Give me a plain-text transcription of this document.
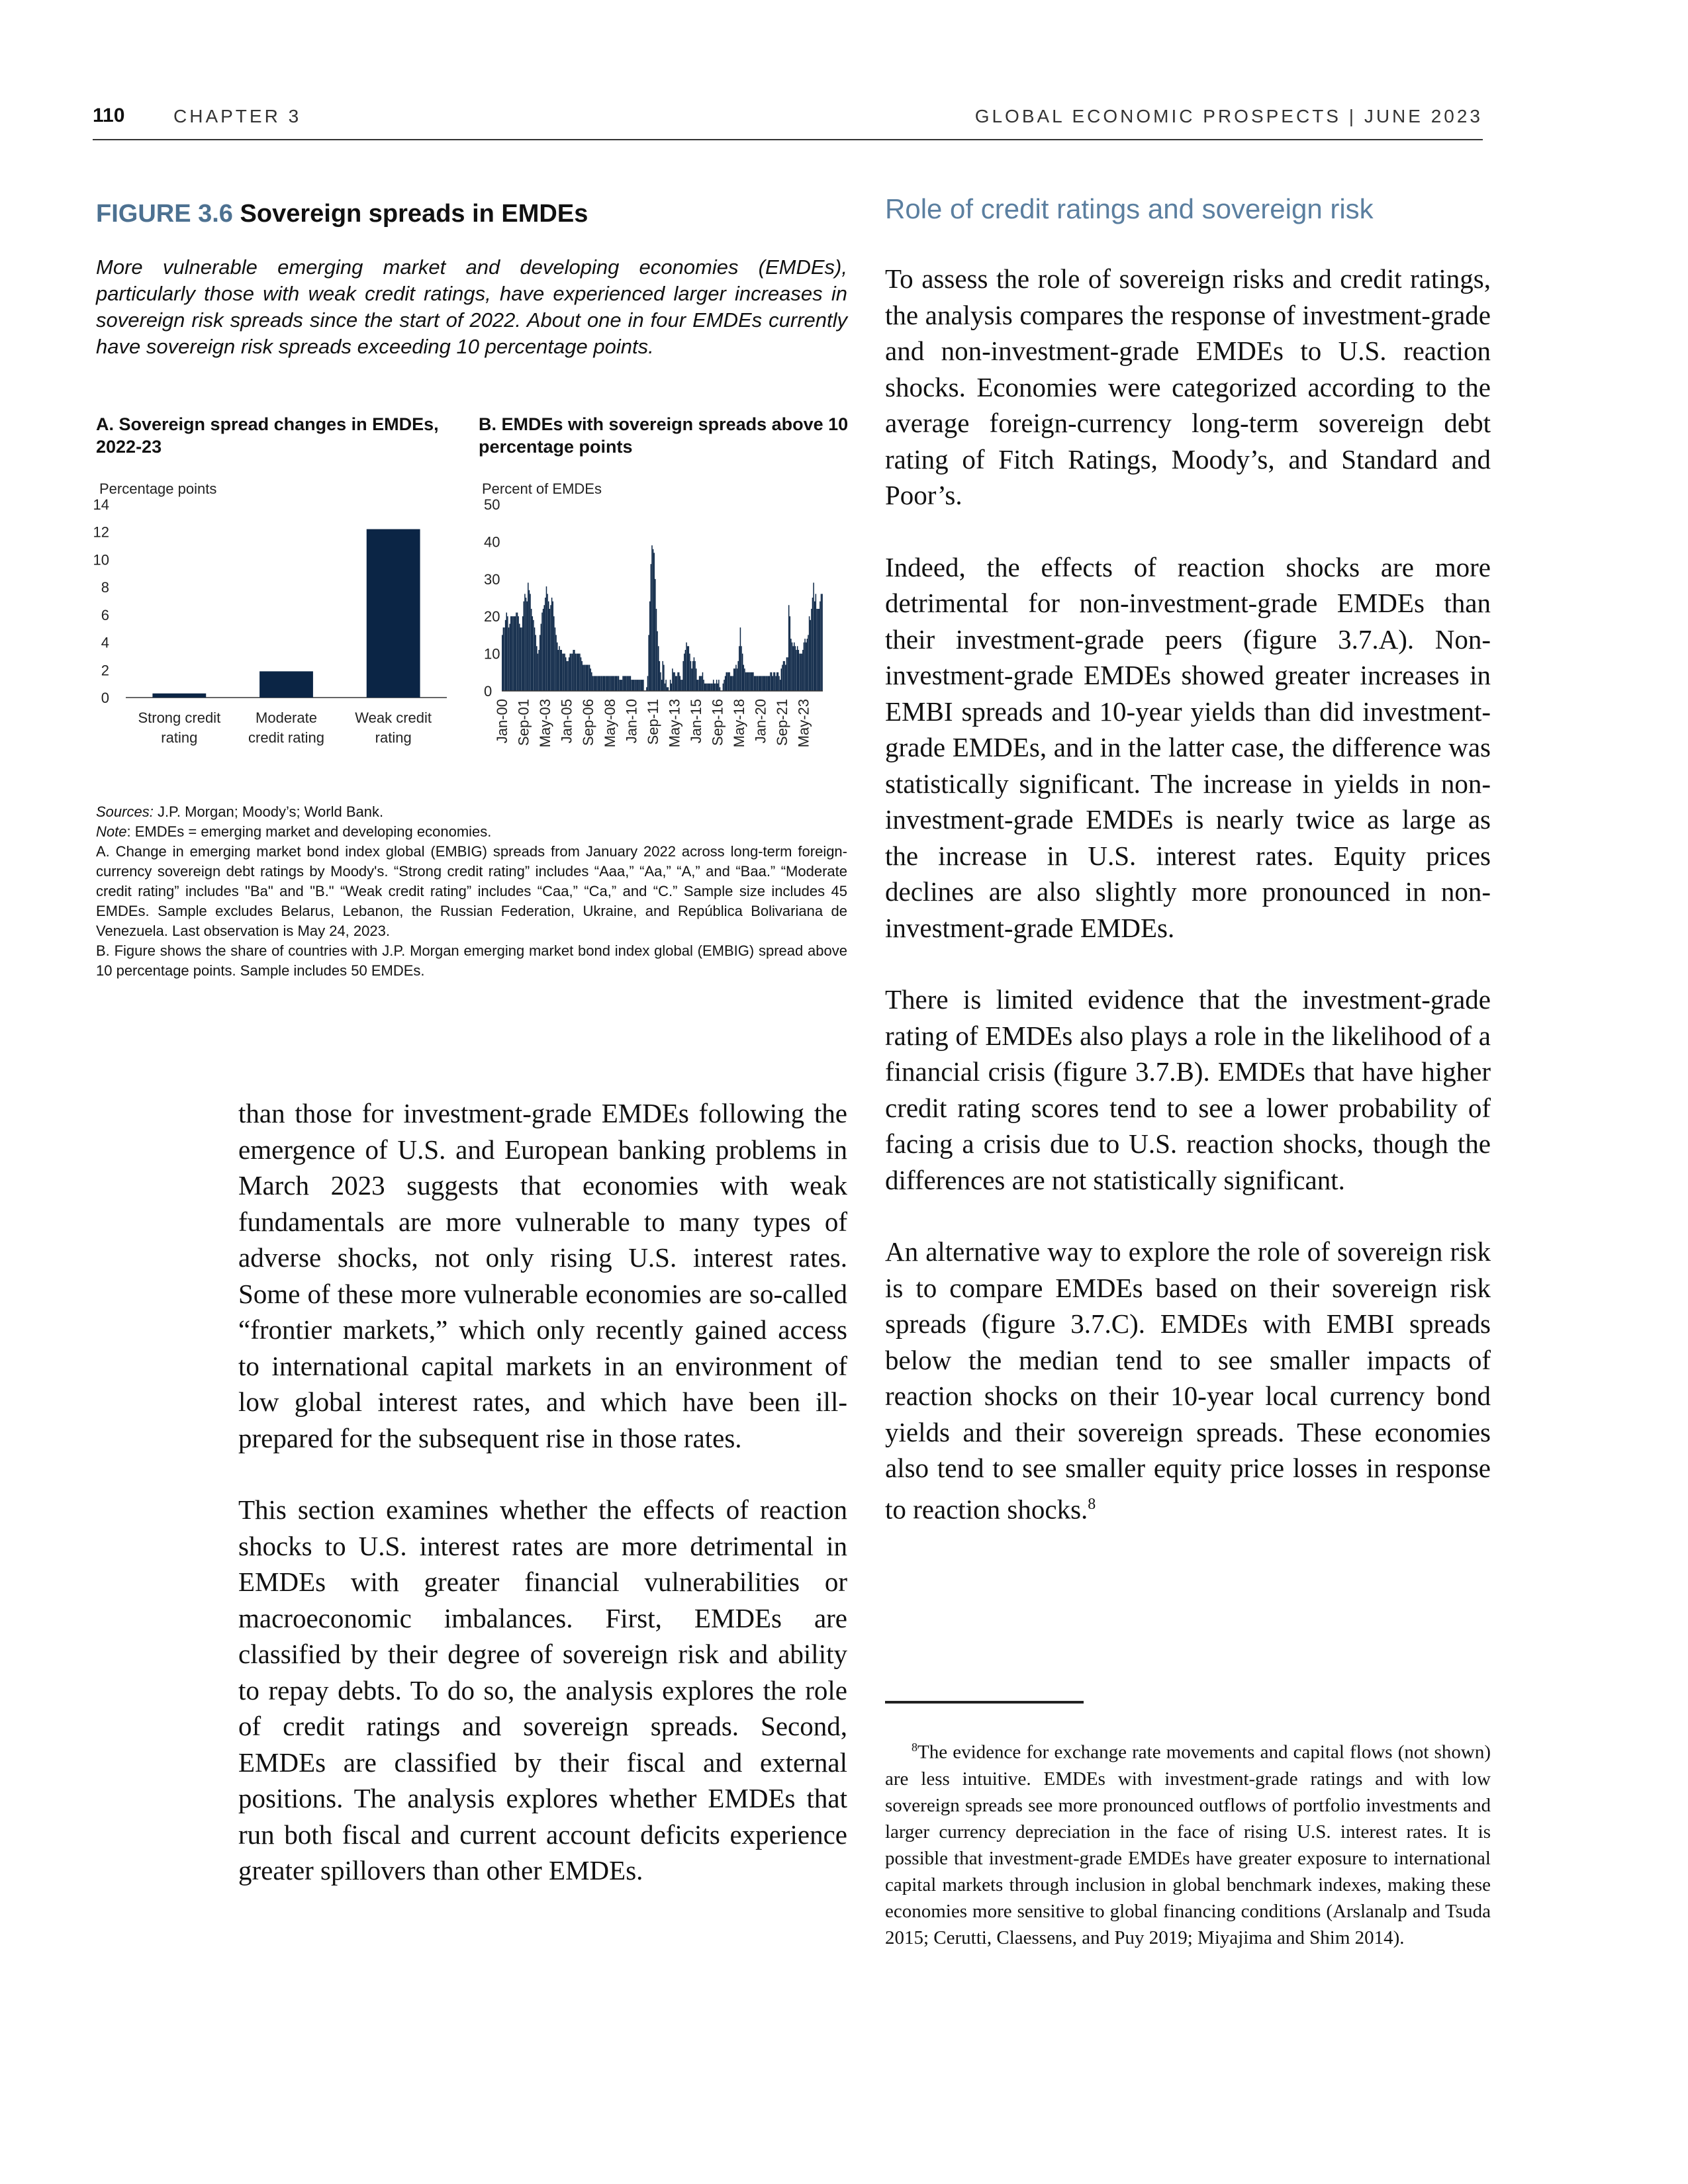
110	CHAPTER 3	GLOBAL ECONOMIC PROSPECTS | JUNE 2023
FIGURE 3.6 Sovereign spreads in EMDEs
More vulnerable emerging market and developing economies (EMDEs), particularly those with weak credit ratings, have experienced larger increases in sovereign risk spreads since the start of 2022. About one in four EMDEs currently have sovereign risk spreads exceeding 10 percentage points.
A. Sovereign spread changes in EMDEs, 2022-23
Percentage points
0
2
4
6
8
10
12
14
Strong credit
rating
Moderate
credit rating
Weak credit
rating
B. EMDEs with sovereign spreads above 10 percentage points
Percent of EMDEs
0
10
20
30
40
50
Jan-00 Sep-01 May-03 Jan-05 Sep-06 May-08 Jan-10 Sep-11 May-13 Jan-15 Sep-16 May-18 Jan-20 Sep-21 May-23

Sources: J.P. Morgan; Moody’s; World Bank.

Note: EMDEs = emerging market and developing economies.

A. Change in emerging market bond index global (EMBIG) spreads from January 2022 across long-term foreign-currency sovereign debt ratings by Moody's. “Strong credit rating” includes “Aaa,” “Aa,” “A,” and “Baa.” “Moderate credit rating” includes "Ba" and "B." “Weak credit rating” includes “Caa,” “Ca,” and “C.” Sample size includes 45 EMDEs. Sample excludes Belarus, Lebanon, the Russian Federation, Ukraine, and República Bolivariana de Venezuela. Last observation is May 24, 2023.

B. Figure shows the share of countries with J.P. Morgan emerging market bond index global (EMBIG) spread above 10 percentage points. Sample includes 50 EMDEs.

than those for investment-grade EMDEs following the emergence of U.S. and European banking problems in March 2023 suggests that economies with weak fundamentals are more vulnerable to many types of adverse shocks, not only rising U.S. interest rates. Some of these more vulnerable economies are so-called “frontier markets,” which only recently gained access to international capital markets in an environment of low global interest rates, and which have been ill-prepared for the subsequent rise in those rates.

This section examines whether the effects of reaction shocks to U.S. interest rates are more detrimental in EMDEs with greater financial vulnerabilities or macroeconomic imbalances. First, EMDEs are classified by their degree of sovereign risk and ability to repay debts. To do so, the analysis explores the role of credit ratings and sovereign spreads. Second, EMDEs are classified by their fiscal and external positions. The analysis explores whether EMDEs that run both fiscal and current account deficits experience greater spillovers than other EMDEs.

Role of credit ratings and sovereign risk

To assess the role of sovereign risks and credit ratings, the analysis compares the response of investment-grade and non-investment-grade EMDEs to U.S. reaction shocks. Economies were categorized according to the average foreign-currency long-term sovereign debt rating of Fitch Ratings, Moody’s, and Standard and Poor’s.

Indeed, the effects of reaction shocks are more detrimental for non-investment-grade EMDEs than their investment-grade peers (figure 3.7.A). Non-investment-grade EMDEs showed greater increases in EMBI spreads and 10-year yields than did investment-grade EMDEs, and in the latter case, the difference was statistically significant. The increase in yields in non-investment-grade EMDEs is nearly twice as large as the increase in U.S. interest rates. Equity prices declines are also slightly more pronounced in non-investment-grade EMDEs.

There is limited evidence that the investment-grade rating of EMDEs also plays a role in the likelihood of a financial crisis (figure 3.7.B). EMDEs that have higher credit rating scores tend to see a lower probability of facing a crisis due to U.S. reaction shocks, though the differences are not statistically significant.

An alternative way to explore the role of sovereign risk is to compare EMDEs based on their sovereign risk spreads (figure 3.7.C). EMDEs with EMBI spreads below the median tend to see smaller impacts of reaction shocks on their 10-year local currency bond yields and their sovereign spreads. These economies also tend to see smaller equity price losses in response to reaction shocks.$^8$

$^8$The evidence for exchange rate movements and capital flows (not shown) are less intuitive. EMDEs with investment-grade ratings and with low sovereign spreads see more pronounced outflows of portfolio investments and larger currency depreciation in the face of rising U.S. interest rates. It is possible that investment-grade EMDEs have greater exposure to international capital markets through inclusion in global benchmark indexes, making these economies more sensitive to global financing conditions (Arslanalp and Tsuda 2015; Cerutti, Claessens, and Puy 2019; Miyajima and Shim 2014).
